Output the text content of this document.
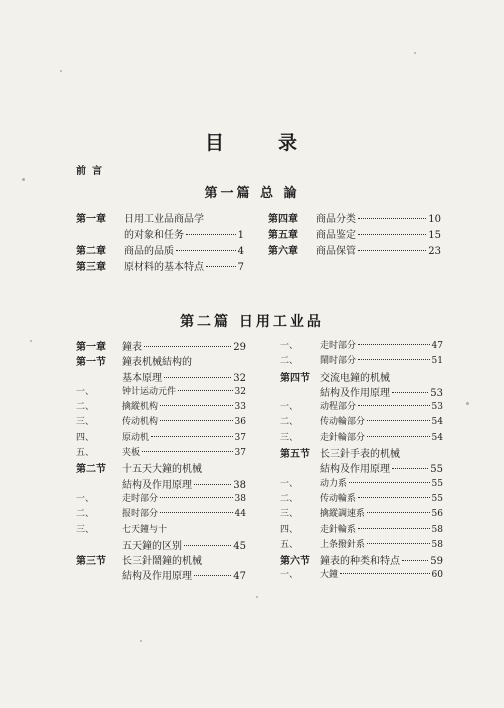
目	录
前言
第一篇 总 論
第一章	日用工业品商品学
的对象和任务	1
第二章	商品的品质	4
第三章	原材料的基本特点	7
第四章	商品分类	10
第五章	商品鉴定	15
第六章	商品保管	23
第二篇 日用工业品
第一章	鐘表	29
第一节	鐘表机械結构的
基本原理	32
一、	钟计运动元件	32
二、	擒縱机构	33
三、	传动机构	36
四、	原动机	37
五、	夹板	37
第二节	十五天大鐘的机械
結构及作用原理	38
一、	走时部分	38
二、	报时部分	44
三、	七天鐘与十
五天鐘的区别	45
第三节	长三針鬧鐘的机械
結构及作用原理	47
一、	走时部分	47
二、	鬧时部分	51
第四节	交流电鐘的机械
結构及作用原理	53
一、	动程部分	53
二、	传动輪部分	54
三、	走針輪部分	54
第五节	长三針手表的机械
結构及作用原理	55
一、	动力系	55
二、	传动輪系	55
三、	擒縱調速系	56
四、	走針輪系	58
五、	上条撥針系	58
第六节	鐘表的种类和特点	59
一、	大鐘	60
